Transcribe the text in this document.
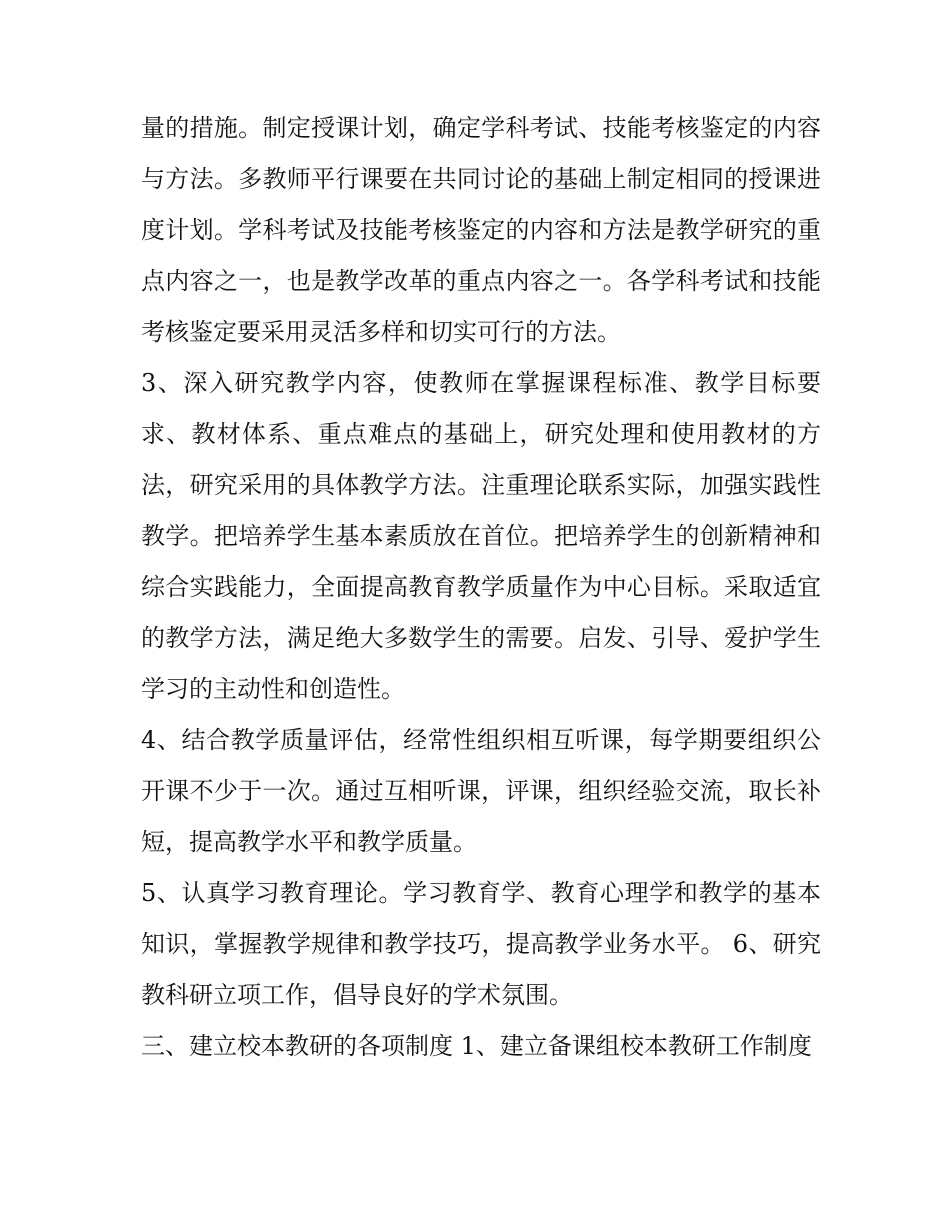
量的措施。制定授课计划，确定学科考试、技能考核鉴定的内容与方法。多教师平行课要在共同讨论的基础上制定相同的授课进度计划。学科考试及技能考核鉴定的内容和方法是教学研究的重点内容之一，也是教学改革的重点内容之一。各学科考试和技能考核鉴定要采用灵活多样和切实可行的方法。

3、深入研究教学内容，使教师在掌握课程标准、教学目标要求、教材体系、重点难点的基础上，研究处理和使用教材的方法，研究采用的具体教学方法。注重理论联系实际，加强实践性教学。把培养学生基本素质放在首位。把培养学生的创新精神和综合实践能力，全面提高教育教学质量作为中心目标。采取适宜的教学方法，满足绝大多数学生的需要。启发、引导、爱护学生学习的主动性和创造性。

4、结合教学质量评估，经常性组织相互听课，每学期要组织公开课不少于一次。通过互相听课，评课，组织经验交流，取长补短，提高教学水平和教学质量。

5、认真学习教育理论。学习教育学、教育心理学和教学的基本知识，掌握教学规律和教学技巧，提高教学业务水平。 6、研究教科研立项工作，倡导良好的学术氛围。

三、建立校本教研的各项制度 1、建立备课组校本教研工作制度
